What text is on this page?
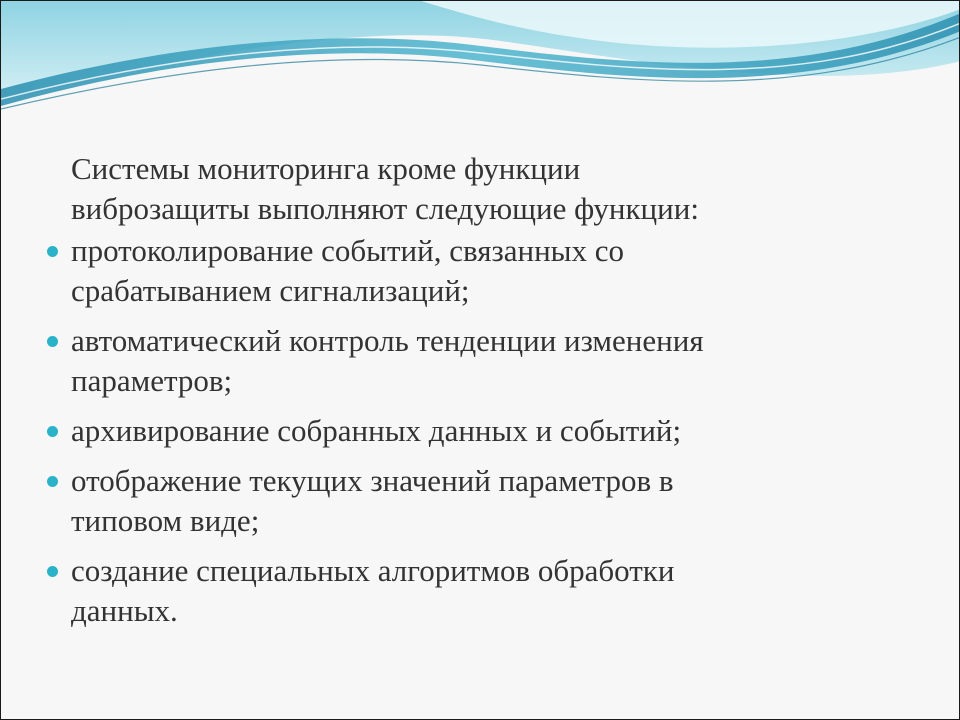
Системы мониторинга кроме функции
виброзащиты выполняют следующие функции:

протоколирование событий, связанных со
срабатыванием сигнализаций;
автоматический контроль тенденции изменения
параметров;
архивирование собранных данных и событий;
отображение текущих значений параметров в
типовом виде;
создание специальных алгоритмов обработки
данных.
